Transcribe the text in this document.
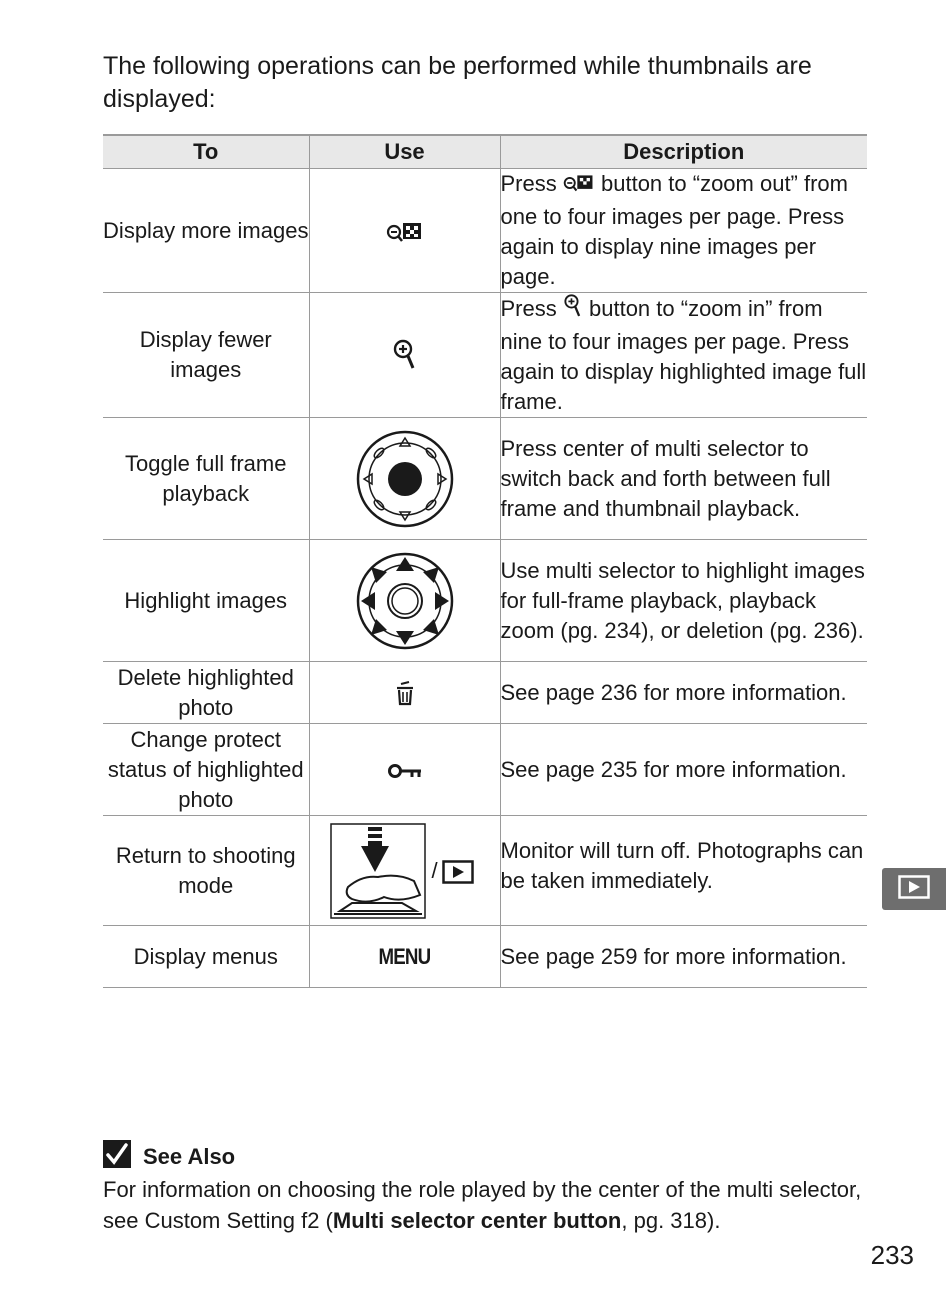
The following operations can be performed while thumbnails are displayed:

To	Use	Description
Display more images		Press button to “zoom out” from one to four images per page. Press again to display nine images per page.
Display fewer images		Press button to “zoom in” from nine to four images per page. Press again to display highlighted image full frame.
Toggle full frame playback		Press center of multi selector to switch back and forth between full frame and thumbnail playback.
Highlight images		Use multi selector to highlight images for full-frame playback, playback zoom (pg. 234), or deletion (pg. 236).
Delete highlighted photo		See page 236 for more information.
Change protect status of highlighted photo		See page 235 for more information.
Return to shooting mode	/	Monitor will turn off. Photographs can be taken immediately.
Display menus	MENU	See page 259 for more information.
See Also

For information on choosing the role played by the center of the multi selector, see Custom Setting f2 (Multi selector center button, pg. 318).

233
